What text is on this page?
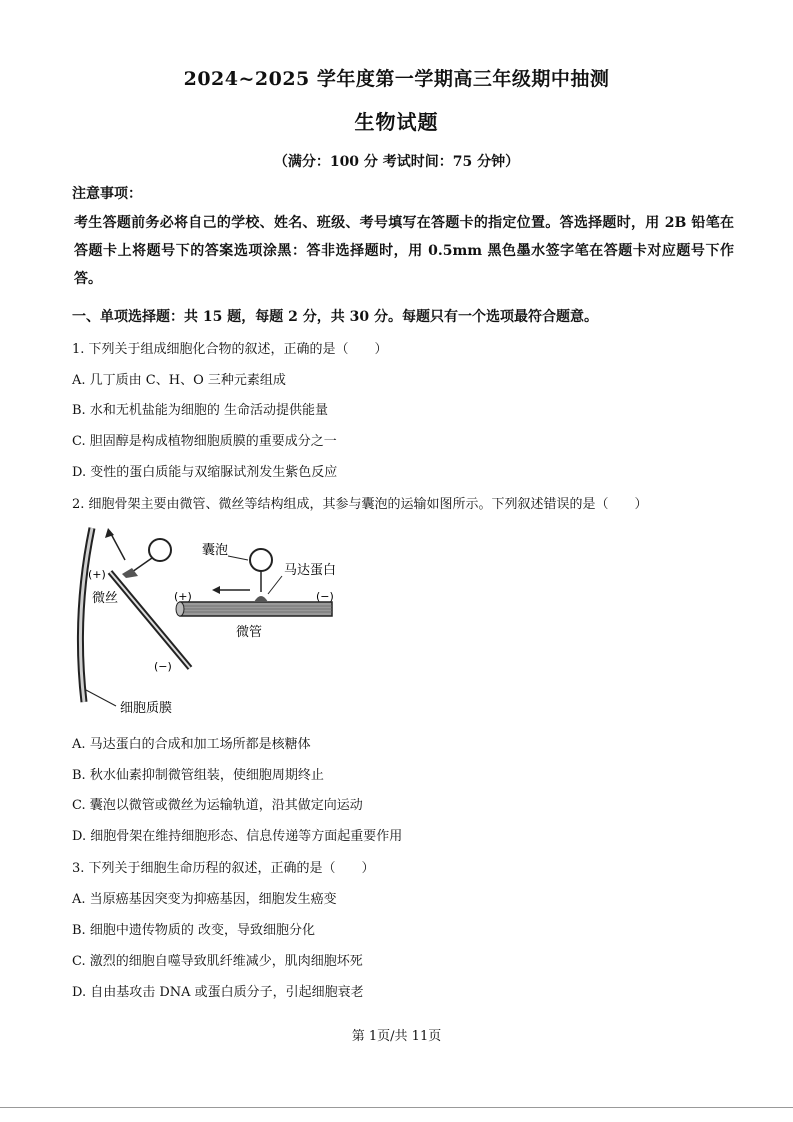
2024~2025 学年度第一学期高三年级期中抽测
生物试题
（满分：100 分 考试时间：75 分钟）
注意事项：
考生答题前务必将自己的学校、姓名、班级、考号填写在答题卡的指定位置。答选择题时，用 2B 铅笔在答题卡上将题号下的答案选项涂黑：答非选择题时，用 0.5mm 黑色墨水签字笔在答题卡对应题号下作答。
一、单项选择题：共 15 题，每题 2 分，共 30 分。每题只有一个选项最符合题意。
1. 下列关于组成细胞化合物的叙述，正确的是（　　）
A. 几丁质由 C、H、O 三种元素组成
B. 水和无机盐能为细胞的 生命活动提供能量
C. 胆固醇是构成植物细胞质膜的重要成分之一
D. 变性的蛋白质能与双缩脲试剂发生紫色反应
2. 细胞骨架主要由微管、微丝等结构组成，其参与囊泡的运输如图所示。下列叙述错误的是（　　）
细胞质膜
(+)
(−)
微丝	(+)	(−)
微管
囊泡
马达蛋白
A. 马达蛋白的合成和加工场所都是核糖体
B. 秋水仙素抑制微管组装，使细胞周期终止
C. 囊泡以微管或微丝为运输轨道，沿其做定向运动
D. 细胞骨架在维持细胞形态、信息传递等方面起重要作用
3. 下列关于细胞生命历程的叙述，正确的是（　　）
A. 当原癌基因突变为抑癌基因，细胞发生癌变
B. 细胞中遗传物质的 改变，导致细胞分化
C. 激烈的细胞自噬导致肌纤维减少，肌肉细胞坏死
D. 自由基攻击 DNA 或蛋白质分子，引起细胞衰老
第 1页/共 11页
